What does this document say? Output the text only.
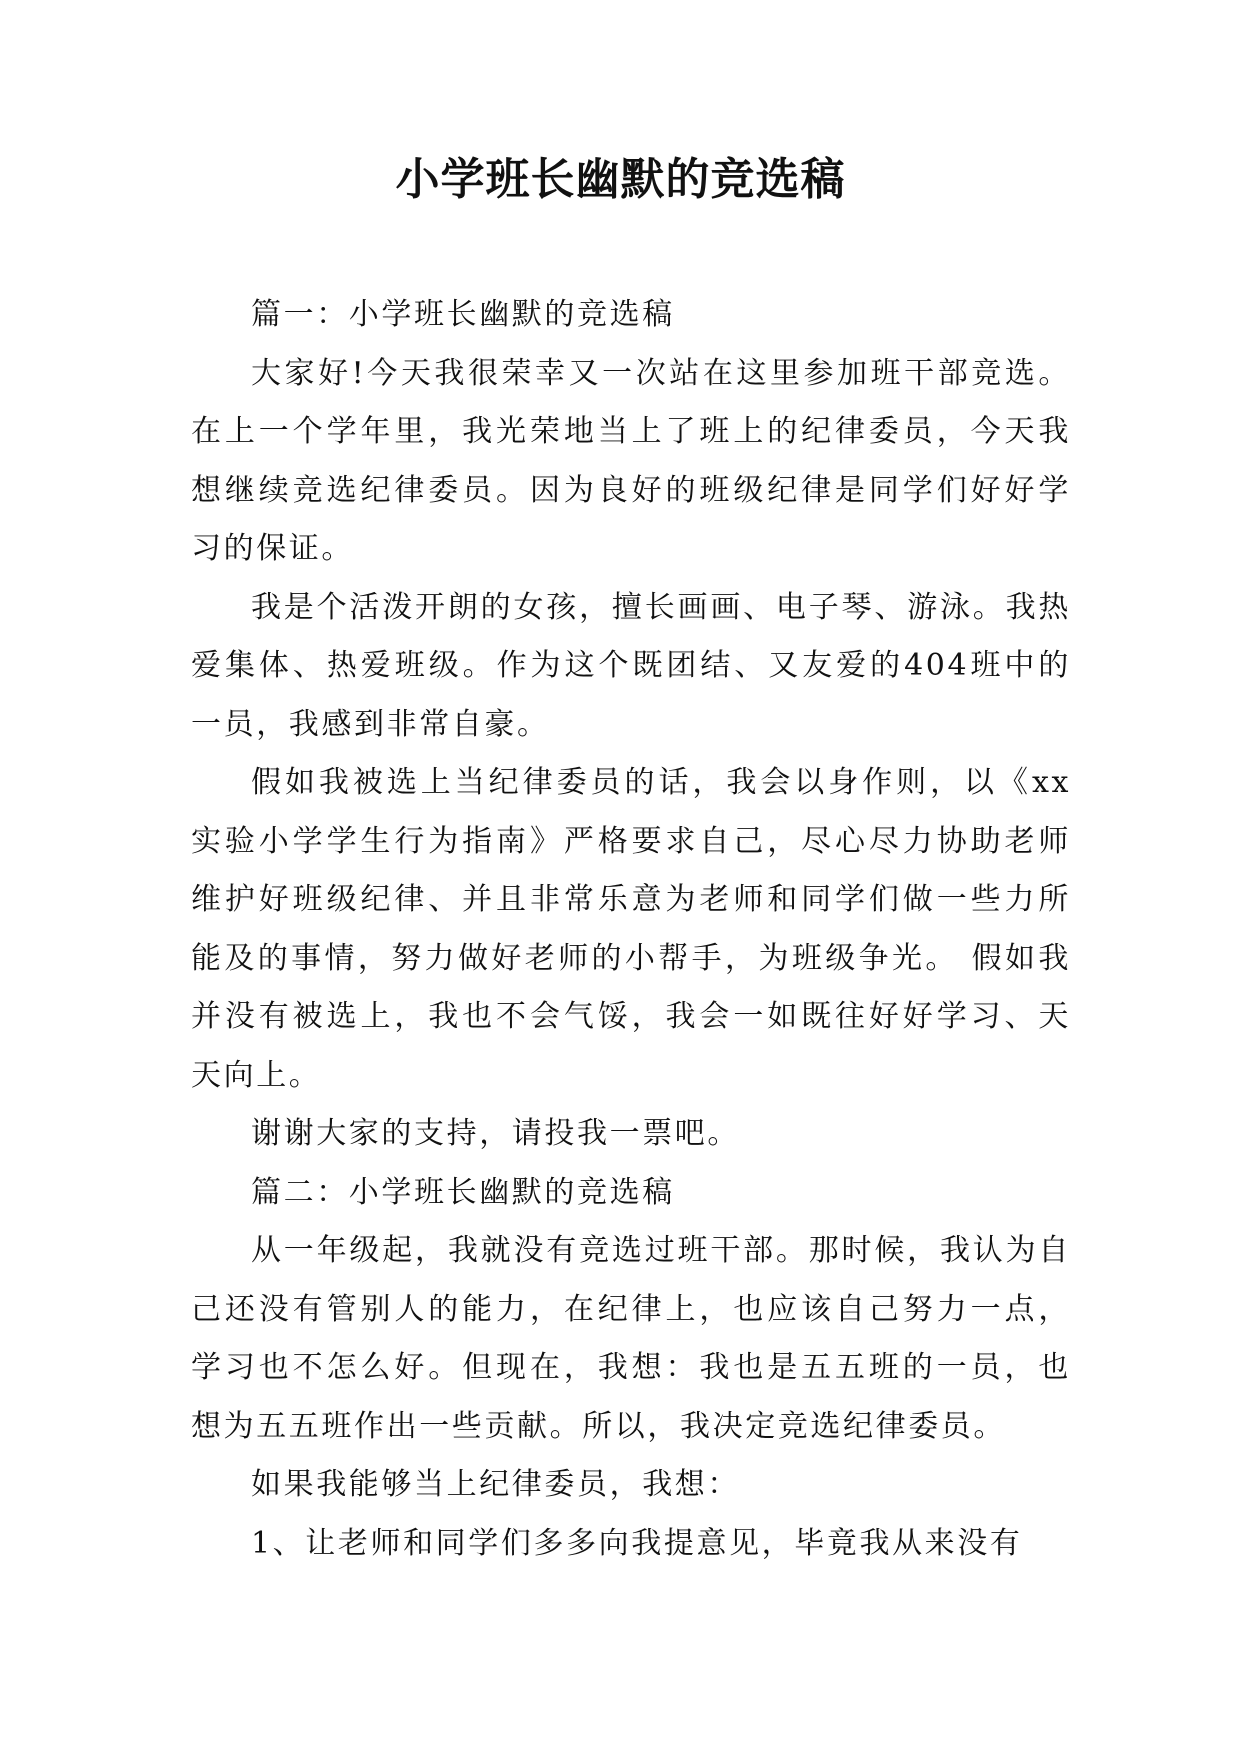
小学班长幽默的竞选稿

篇一：小学班长幽默的竞选稿

大家好!今天我很荣幸又一次站在这里参加班干部竞选。在上一个学年里，我光荣地当上了班上的纪律委员，今天我想继续竞选纪律委员。因为良好的班级纪律是同学们好好学习的保证。

我是个活泼开朗的女孩，擅长画画、电子琴、游泳。我热爱集体、热爱班级。作为这个既团结、又友爱的404班中的一员，我感到非常自豪。

假如我被选上当纪律委员的话，我会以身作则，以《xx实验小学学生行为指南》严格要求自己，尽心尽力协助老师维护好班级纪律、并且非常乐意为老师和同学们做一些力所能及的事情，努力做好老师的小帮手，为班级争光。 假如我并没有被选上，我也不会气馁，我会一如既往好好学习、天天向上。

谢谢大家的支持，请投我一票吧。

篇二：小学班长幽默的竞选稿

从一年级起，我就没有竞选过班干部。那时候，我认为自己还没有管别人的能力，在纪律上，也应该自己努力一点，学习也不怎么好。但现在，我想：我也是五五班的一员，也想为五五班作出一些贡献。所以，我决定竞选纪律委员。

如果我能够当上纪律委员，我想：

1、让老师和同学们多多向我提意见，毕竟我从来没有
